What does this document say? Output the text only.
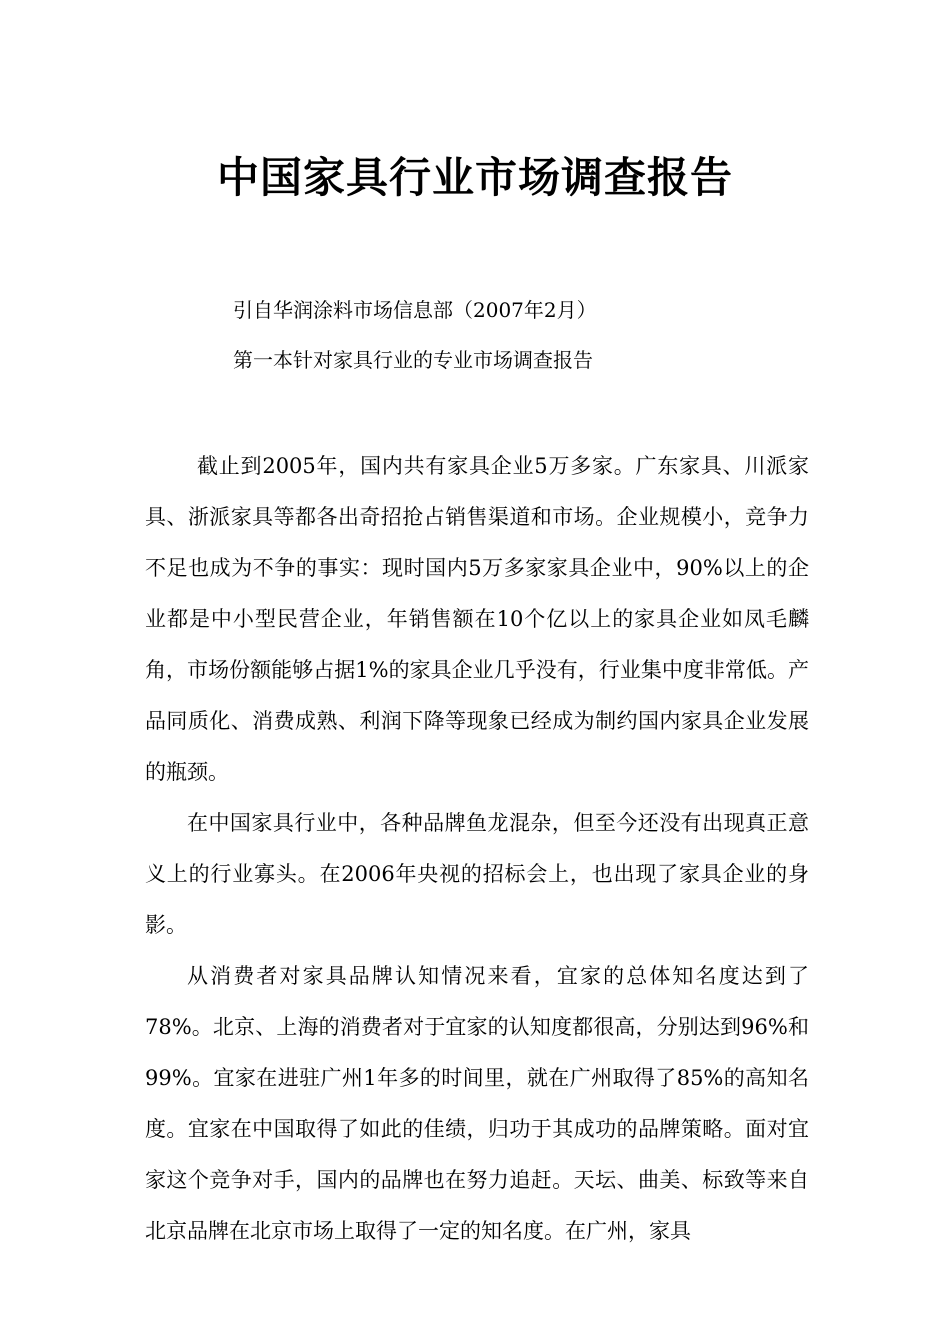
中国家具行业市场调查报告

引自华润涂料市场信息部（2007年2月）

第一本针对家具行业的专业市场调查报告

截止到2005年，国内共有家具企业5万多家。广东家具、川派家具、浙派家具等都各出奇招抢占销售渠道和市场。企业规模小，竞争力不足也成为不争的事实：现时国内5万多家家具企业中，90%以上的企业都是中小型民营企业，年销售额在10个亿以上的家具企业如凤毛麟角，市场份额能够占据1%的家具企业几乎没有，行业集中度非常低。产品同质化、消费成熟、利润下降等现象已经成为制约国内家具企业发展的瓶颈。

在中国家具行业中，各种品牌鱼龙混杂，但至今还没有出现真正意义上的行业寡头。在2006年央视的招标会上，也出现了家具企业的身影。

从消费者对家具品牌认知情况来看，宜家的总体知名度达到了78%。北京、上海的消费者对于宜家的认知度都很高，分别达到96%和99%。宜家在进驻广州1年多的时间里，就在广州取得了85%的高知名度。宜家在中国取得了如此的佳绩，归功于其成功的品牌策略。面对宜家这个竞争对手，国内的品牌也在努力追赶。天坛、曲美、标致等来自北京品牌在北京市场上取得了一定的知名度。在广州，家具
